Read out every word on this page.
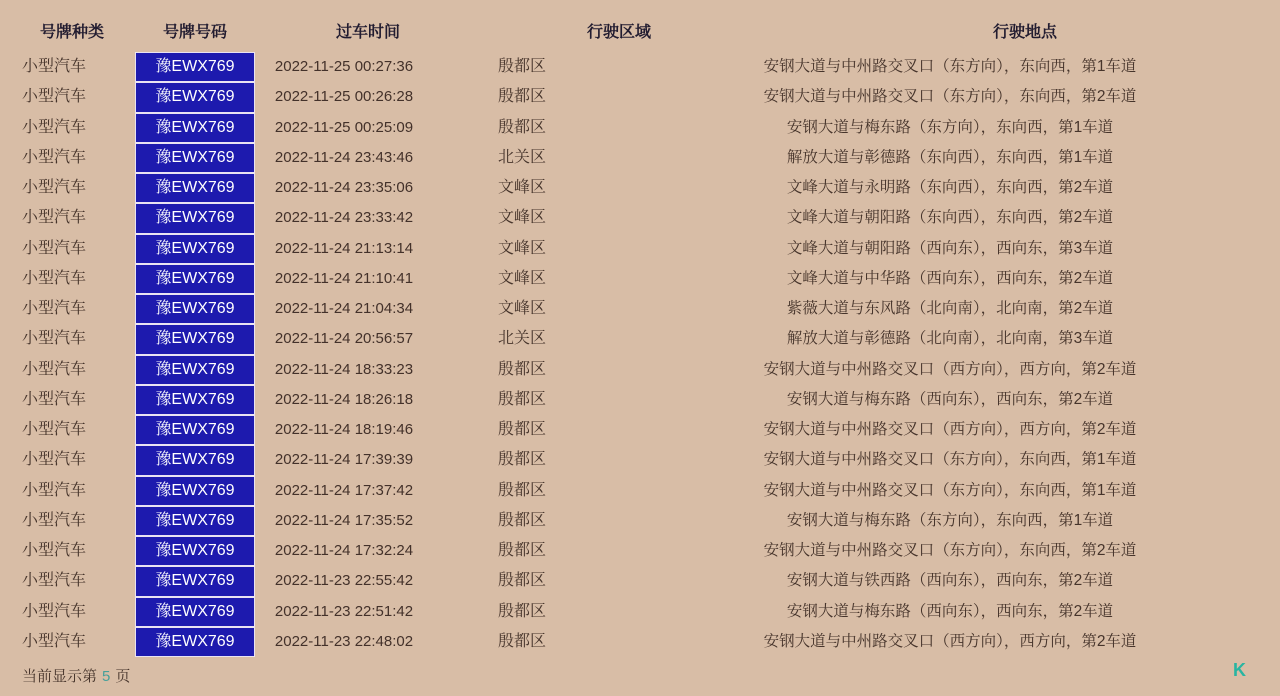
号牌种类	号牌号码	过车时间	行驶区域	行驶地点
小型汽车	豫EWX769	2022-11-25 00:27:36	殷都区	安钢大道与中州路交叉口（东方向），东向西，第1车道
小型汽车	豫EWX769	2022-11-25 00:26:28	殷都区	安钢大道与中州路交叉口（东方向），东向西，第2车道
小型汽车	豫EWX769	2022-11-25 00:25:09	殷都区	安钢大道与梅东路（东方向），东向西，第1车道
小型汽车	豫EWX769	2022-11-24 23:43:46	北关区	解放大道与彰德路（东向西），东向西，第1车道
小型汽车	豫EWX769	2022-11-24 23:35:06	文峰区	文峰大道与永明路（东向西），东向西，第2车道
小型汽车	豫EWX769	2022-11-24 23:33:42	文峰区	文峰大道与朝阳路（东向西），东向西，第2车道
小型汽车	豫EWX769	2022-11-24 21:13:14	文峰区	文峰大道与朝阳路（西向东），西向东，第3车道
小型汽车	豫EWX769	2022-11-24 21:10:41	文峰区	文峰大道与中华路（西向东），西向东，第2车道
小型汽车	豫EWX769	2022-11-24 21:04:34	文峰区	紫薇大道与东风路（北向南），北向南，第2车道
小型汽车	豫EWX769	2022-11-24 20:56:57	北关区	解放大道与彰德路（北向南），北向南，第3车道
小型汽车	豫EWX769	2022-11-24 18:33:23	殷都区	安钢大道与中州路交叉口（西方向），西方向，第2车道
小型汽车	豫EWX769	2022-11-24 18:26:18	殷都区	安钢大道与梅东路（西向东），西向东，第2车道
小型汽车	豫EWX769	2022-11-24 18:19:46	殷都区	安钢大道与中州路交叉口（西方向），西方向，第2车道
小型汽车	豫EWX769	2022-11-24 17:39:39	殷都区	安钢大道与中州路交叉口（东方向），东向西，第1车道
小型汽车	豫EWX769	2022-11-24 17:37:42	殷都区	安钢大道与中州路交叉口（东方向），东向西，第1车道
小型汽车	豫EWX769	2022-11-24 17:35:52	殷都区	安钢大道与梅东路（东方向），东向西，第1车道
小型汽车	豫EWX769	2022-11-24 17:32:24	殷都区	安钢大道与中州路交叉口（东方向），东向西，第2车道
小型汽车	豫EWX769	2022-11-23 22:55:42	殷都区	安钢大道与铁西路（西向东），西向东，第2车道
小型汽车	豫EWX769	2022-11-23 22:51:42	殷都区	安钢大道与梅东路（西向东），西向东，第2车道
小型汽车	豫EWX769	2022-11-23 22:48:02	殷都区	安钢大道与中州路交叉口（西方向），西方向，第2车道
当前显示第 5 页	K
